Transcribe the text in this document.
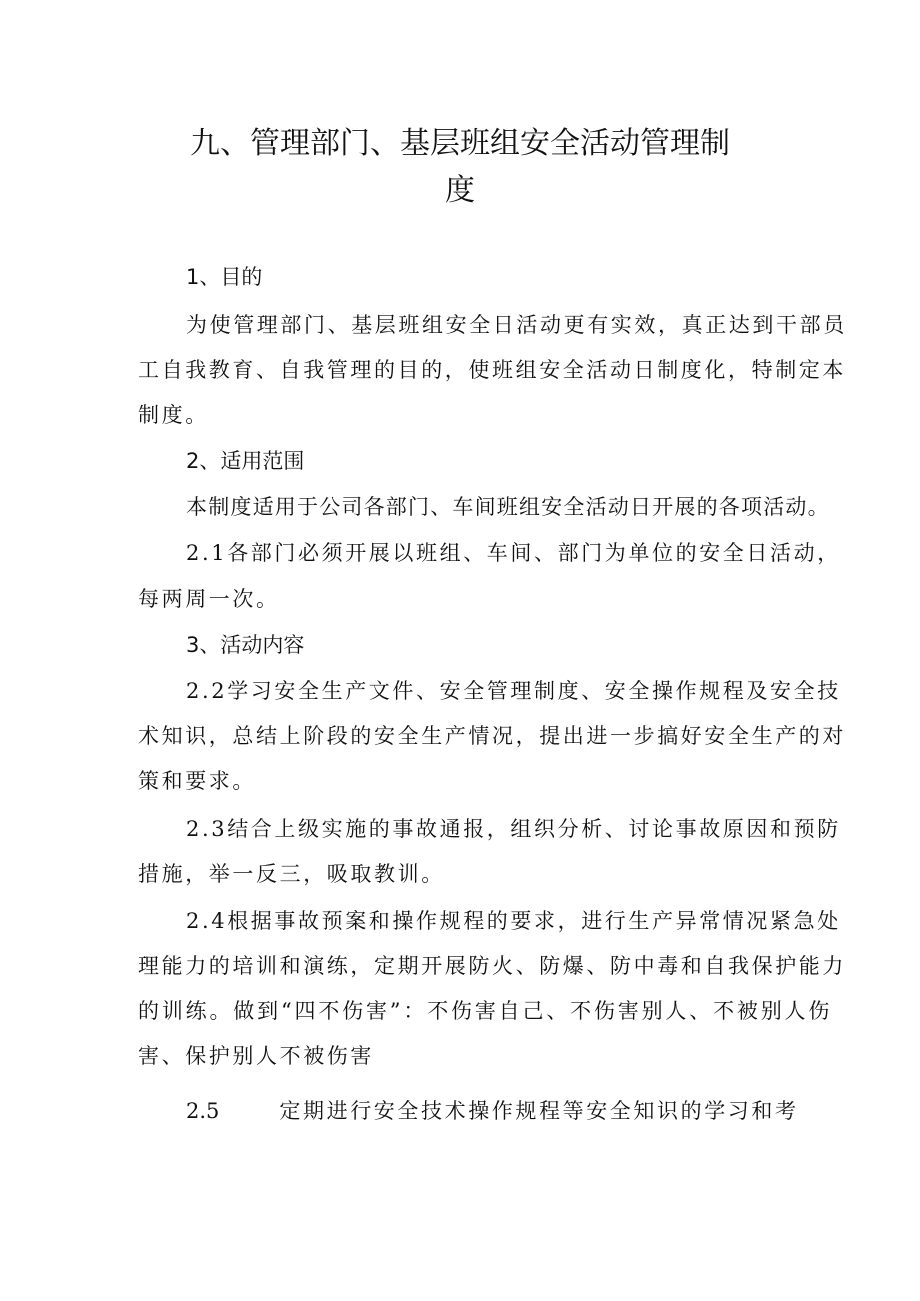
九、管理部门、基层班组安全活动管理制
度
1、目的
为使管理部门、基层班组安全日活动更有实效，真正达到干部员
工自我教育、自我管理的目的，使班组安全活动日制度化，特制定本
制度。
2、适用范围
本制度适用于公司各部门、车间班组安全活动日开展的各项活动。
2.1各部门必须开展以班组、车间、部门为单位的安全日活动，
每两周一次。
3、活动内容
2.2学习安全生产文件、安全管理制度、安全操作规程及安全技
术知识，总结上阶段的安全生产情况，提出进一步搞好安全生产的对
策和要求。
2.3结合上级实施的事故通报，组织分析、讨论事故原因和预防
措施，举一反三，吸取教训。
2.4根据事故预案和操作规程的要求，进行生产异常情况紧急处
理能力的培训和演练，定期开展防火、防爆、防中毒和自我保护能力
的训练。做到“四不伤害”：不伤害自己、不伤害别人、不被别人伤
害、保护别人不被伤害
2.5	定期进行安全技术操作规程等安全知识的学习和考
